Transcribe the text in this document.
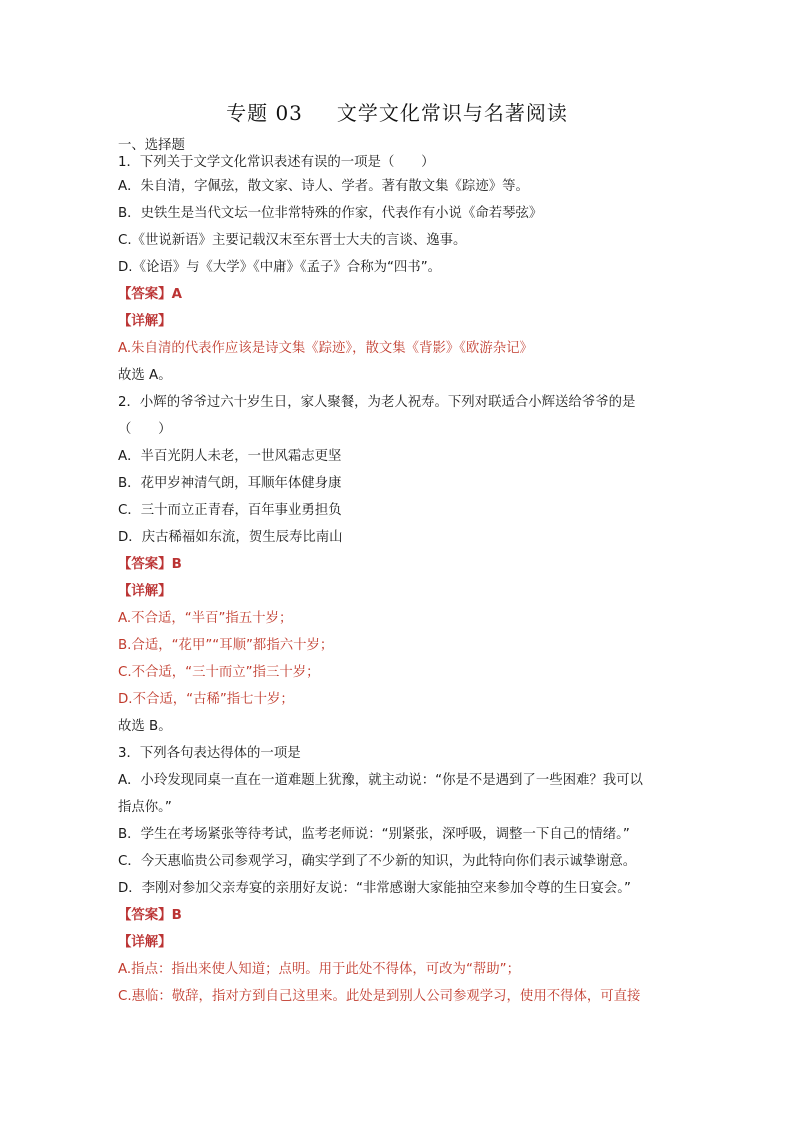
专题 03 文学文化常识与名著阅读

一、选择题

1．下列关于文学文化常识表述有误的一项是（　　）

A．朱自清，字佩弦，散文家、诗人、学者。著有散文集《踪迹》等。

B．史铁生是当代文坛一位非常特殊的作家，代表作有小说《命若琴弦》

C.《世说新语》主要记载汉末至东晋士大夫的言谈、逸事。

D.《论语》与《大学》《中庸》《孟子》合称为“四书”。

【答案】A

【详解】

A.朱自清的代表作应该是诗文集《踪迹》，散文集《背影》《欧游杂记》

故选 A。

2．小辉的爷爷过六十岁生日，家人聚餐，为老人祝寿。下列对联适合小辉送给爷爷的是

（　　）

A．半百光阴人未老，一世风霜志更坚

B．花甲岁神清气朗，耳顺年体健身康

C．三十而立正青春，百年事业勇担负

D．庆古稀福如东流，贺生辰寿比南山

【答案】B

【详解】

A.不合适，“半百”指五十岁；

B.合适，“花甲”“耳顺”都指六十岁；

C.不合适，“三十而立”指三十岁；

D.不合适，“古稀”指七十岁；

故选 B。

3．下列各句表达得体的一项是

A．小玲发现同桌一直在一道难题上犹豫，就主动说：“你是不是遇到了一些困难？我可以

指点你。”

B．学生在考场紧张等待考试，监考老师说：“别紧张，深呼吸，调整一下自己的情绪。”

C．今天惠临贵公司参观学习，确实学到了不少新的知识，为此特向你们表示诚挚谢意。

D．李刚对参加父亲寿宴的亲朋好友说：“非常感谢大家能抽空来参加令尊的生日宴会。”

【答案】B

【详解】

A.指点：指出来使人知道；点明。用于此处不得体，可改为“帮助”；

C.惠临：敬辞，指对方到自己这里来。此处是到别人公司参观学习，使用不得体，可直接
